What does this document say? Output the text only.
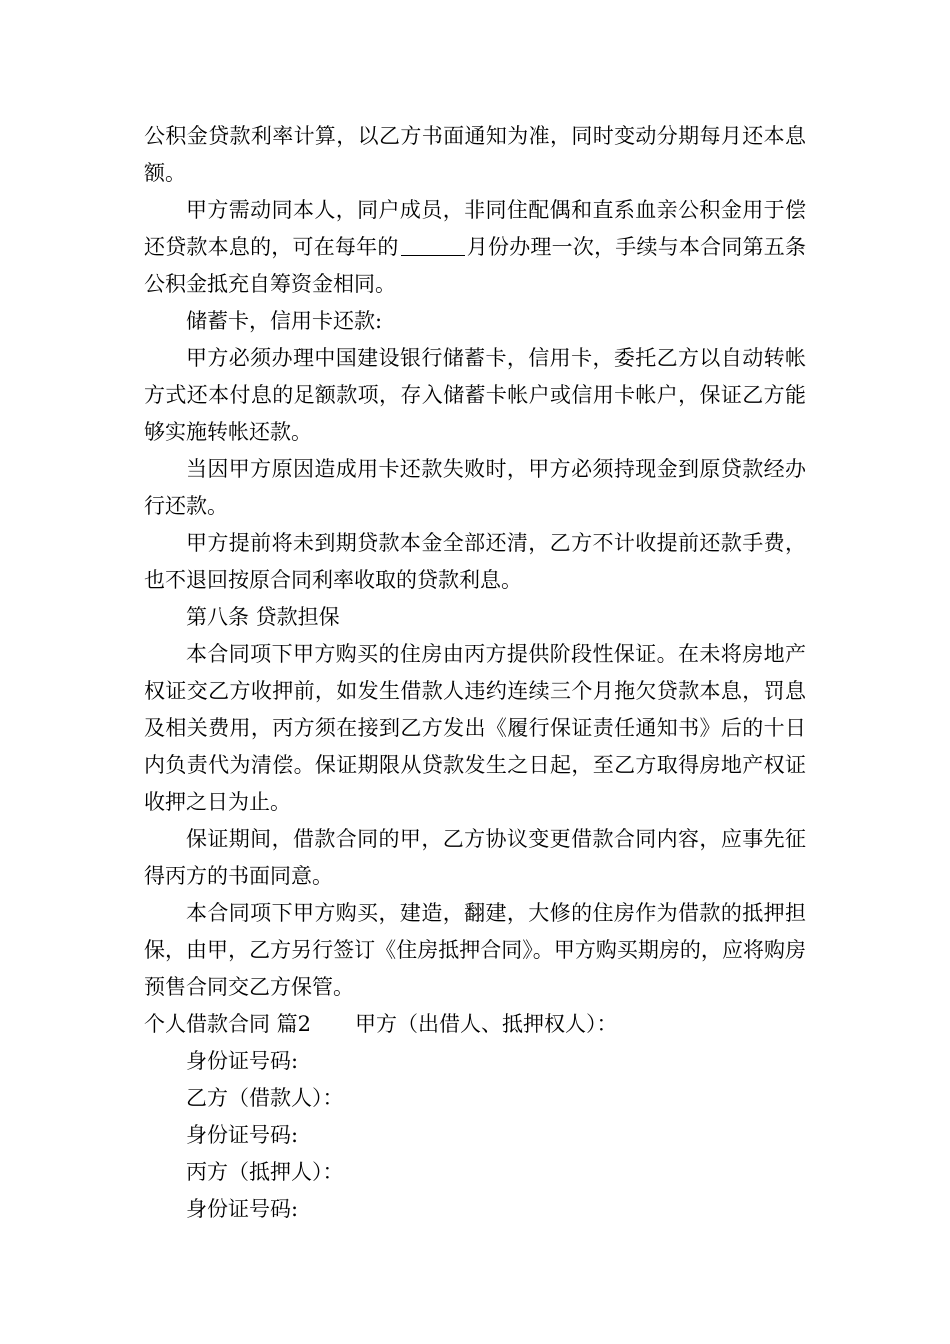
公积金贷款利率计算，以乙方书面通知为准，同时变动分期每月还本息额。

甲方需动同本人，同户成员，非同住配偶和直系血亲公积金用于偿还贷款本息的，可在每年的	月份办理一次，手续与本合同第五条公积金抵充自筹资金相同。

储蓄卡，信用卡还款:

甲方必须办理中国建设银行储蓄卡，信用卡，委托乙方以自动转帐方式还本付息的足额款项，存入储蓄卡帐户或信用卡帐户，保证乙方能够实施转帐还款。

当因甲方原因造成用卡还款失败时，甲方必须持现金到原贷款经办行还款。

甲方提前将未到期贷款本金全部还清，乙方不计收提前还款手费，也不退回按原合同利率收取的贷款利息。

第八条 贷款担保

本合同项下甲方购买的住房由丙方提供阶段性保证。在未将房地产权证交乙方收押前，如发生借款人违约连续三个月拖欠贷款本息，罚息及相关费用，丙方须在接到乙方发出《履行保证责任通知书》后的十日内负责代为清偿。保证期限从贷款发生之日起，至乙方取得房地产权证收押之日为止。

保证期间，借款合同的甲，乙方协议变更借款合同内容，应事先征得丙方的书面同意。

本合同项下甲方购买，建造，翻建，大修的住房作为借款的抵押担保，由甲，乙方另行签订《住房抵押合同》。甲方购买期房的，应将购房预售合同交乙方保管。

个人借款合同 篇2 甲方（出借人、抵押权人）：

身份证号码:

乙方（借款人）：

身份证号码:

丙方（抵押人）：

身份证号码:
